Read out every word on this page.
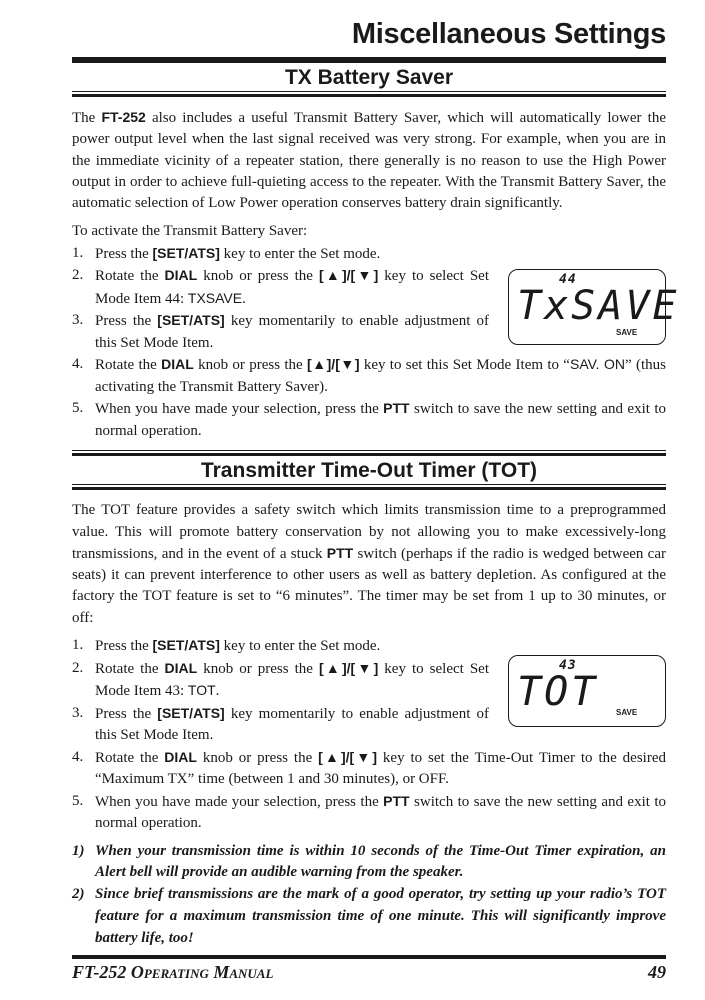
Miscellaneous Settings
TX Battery Saver

The FT-252 also includes a useful Transmit Battery Saver, which will automatically lower the power output level when the last signal received was very strong. For example, when you are in the immediate vicinity of a repeater station, there generally is no reason to use the High Power output in order to achieve full-quieting access to the repeater. With the Transmit Battery Saver, the automatic selection of Low Power operation conserves battery drain significantly.

To activate the Transmit Battery Saver:

1. Press the [SET/ATS] key to enter the Set mode.
2. Rotate the DIAL knob or press the [▲]/[▼] key to select Set Mode Item 44: TXSAVE.
3. Press the [SET/ATS] key momentarily to enable adjustment of this Set Mode Item.
4. Rotate the DIAL knob or press the [▲]/[▼] key to set this Set Mode Item to “SAV. ON” (thus activating the Transmit Battery Saver).
5. When you have made your selection, press the PTT switch to save the new setting and exit to normal operation.
44
TxSAVE
SAVE
Transmitter Time-Out Timer (TOT)

The TOT feature provides a safety switch which limits transmission time to a preprogrammed value. This will promote battery conservation by not allowing you to make excessively-long transmissions, and in the event of a stuck PTT switch (perhaps if the radio is wedged between car seats) it can prevent interference to other users as well as battery depletion. As configured at the factory the TOT feature is set to “6 minutes”. The timer may be set from 1 up to 30 minutes, or off:

1. Press the [SET/ATS] key to enter the Set mode.
2. Rotate the DIAL knob or press the [▲]/[▼] key to select Set Mode Item 43: TOT.
3. Press the [SET/ATS] key momentarily to enable adjustment of this Set Mode Item.
4. Rotate the DIAL knob or press the [▲]/[▼] key to set the Time-Out Timer to the desired “Maximum TX” time (between 1 and 30 minutes), or OFF.
5. When you have made your selection, press the PTT switch to save the new setting and exit to normal operation.
43
TOT SAVE
1) When your transmission time is within 10 seconds of the Time-Out Timer expiration, an Alert bell will provide an audible warning from the speaker.
2) Since brief transmissions are the mark of a good operator, try setting up your radio’s TOT feature for a maximum transmission time of one minute. This will significantly improve battery life, too!
FT-252 Operating Manual	49
